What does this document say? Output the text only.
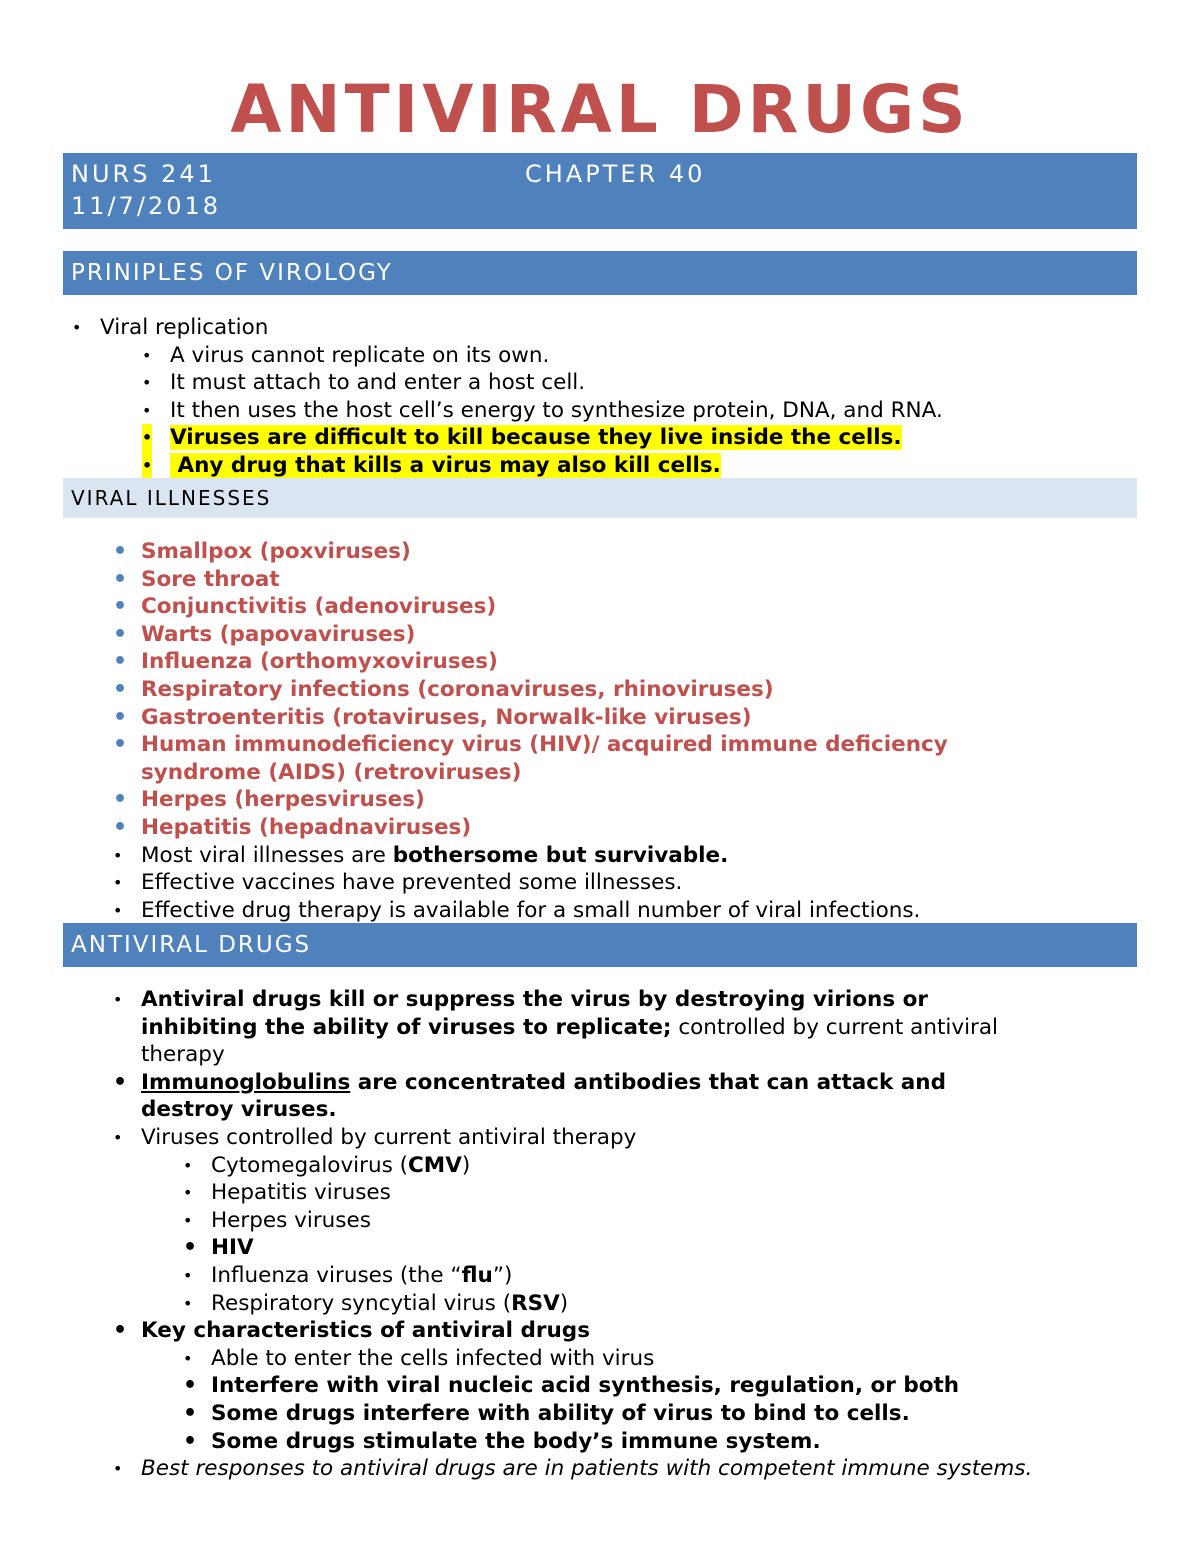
ANTIVIRAL DRUGS
NURS 241
11/7/2018
CHAPTER 40
PRINIPLES OF VIROLOGY
• Viral replication
• A virus cannot replicate on its own.
• It must attach to and enter a host cell.
• It then uses the host cell’s energy to synthesize protein, DNA, and RNA.
• Viruses are difficult to kill because they live inside the cells.
• Any drug that kills a virus may also kill cells.
VIRAL ILLNESSES
• Smallpox (poxviruses)
• Sore throat
• Conjunctivitis (adenoviruses)
• Warts (papovaviruses)
• Influenza (orthomyxoviruses)
• Respiratory infections (coronaviruses, rhinoviruses)
• Gastroenteritis (rotaviruses, Norwalk-like viruses)
• Human immunodeficiency virus (HIV)/ acquired immune deficiency
syndrome (AIDS) (retroviruses)
• Herpes (herpesviruses)
• Hepatitis (hepadnaviruses)
• Most viral illnesses are bothersome but survivable.
• Effective vaccines have prevented some illnesses.
• Effective drug therapy is available for a small number of viral infections.
ANTIVIRAL DRUGS
• Antiviral drugs kill or suppress the virus by destroying virions or
inhibiting the ability of viruses to replicate; controlled by current antiviral
therapy
• Immunoglobulins are concentrated antibodies that can attack and
destroy viruses.
• Viruses controlled by current antiviral therapy
• Cytomegalovirus (CMV)
• Hepatitis viruses
• Herpes viruses
• HIV
• Influenza viruses (the “flu”)
• Respiratory syncytial virus (RSV)
• Key characteristics of antiviral drugs
• Able to enter the cells infected with virus
• Interfere with viral nucleic acid synthesis, regulation, or both
• Some drugs interfere with ability of virus to bind to cells.
• Some drugs stimulate the body’s immune system.
• Best responses to antiviral drugs are in patients with competent immune systems.
